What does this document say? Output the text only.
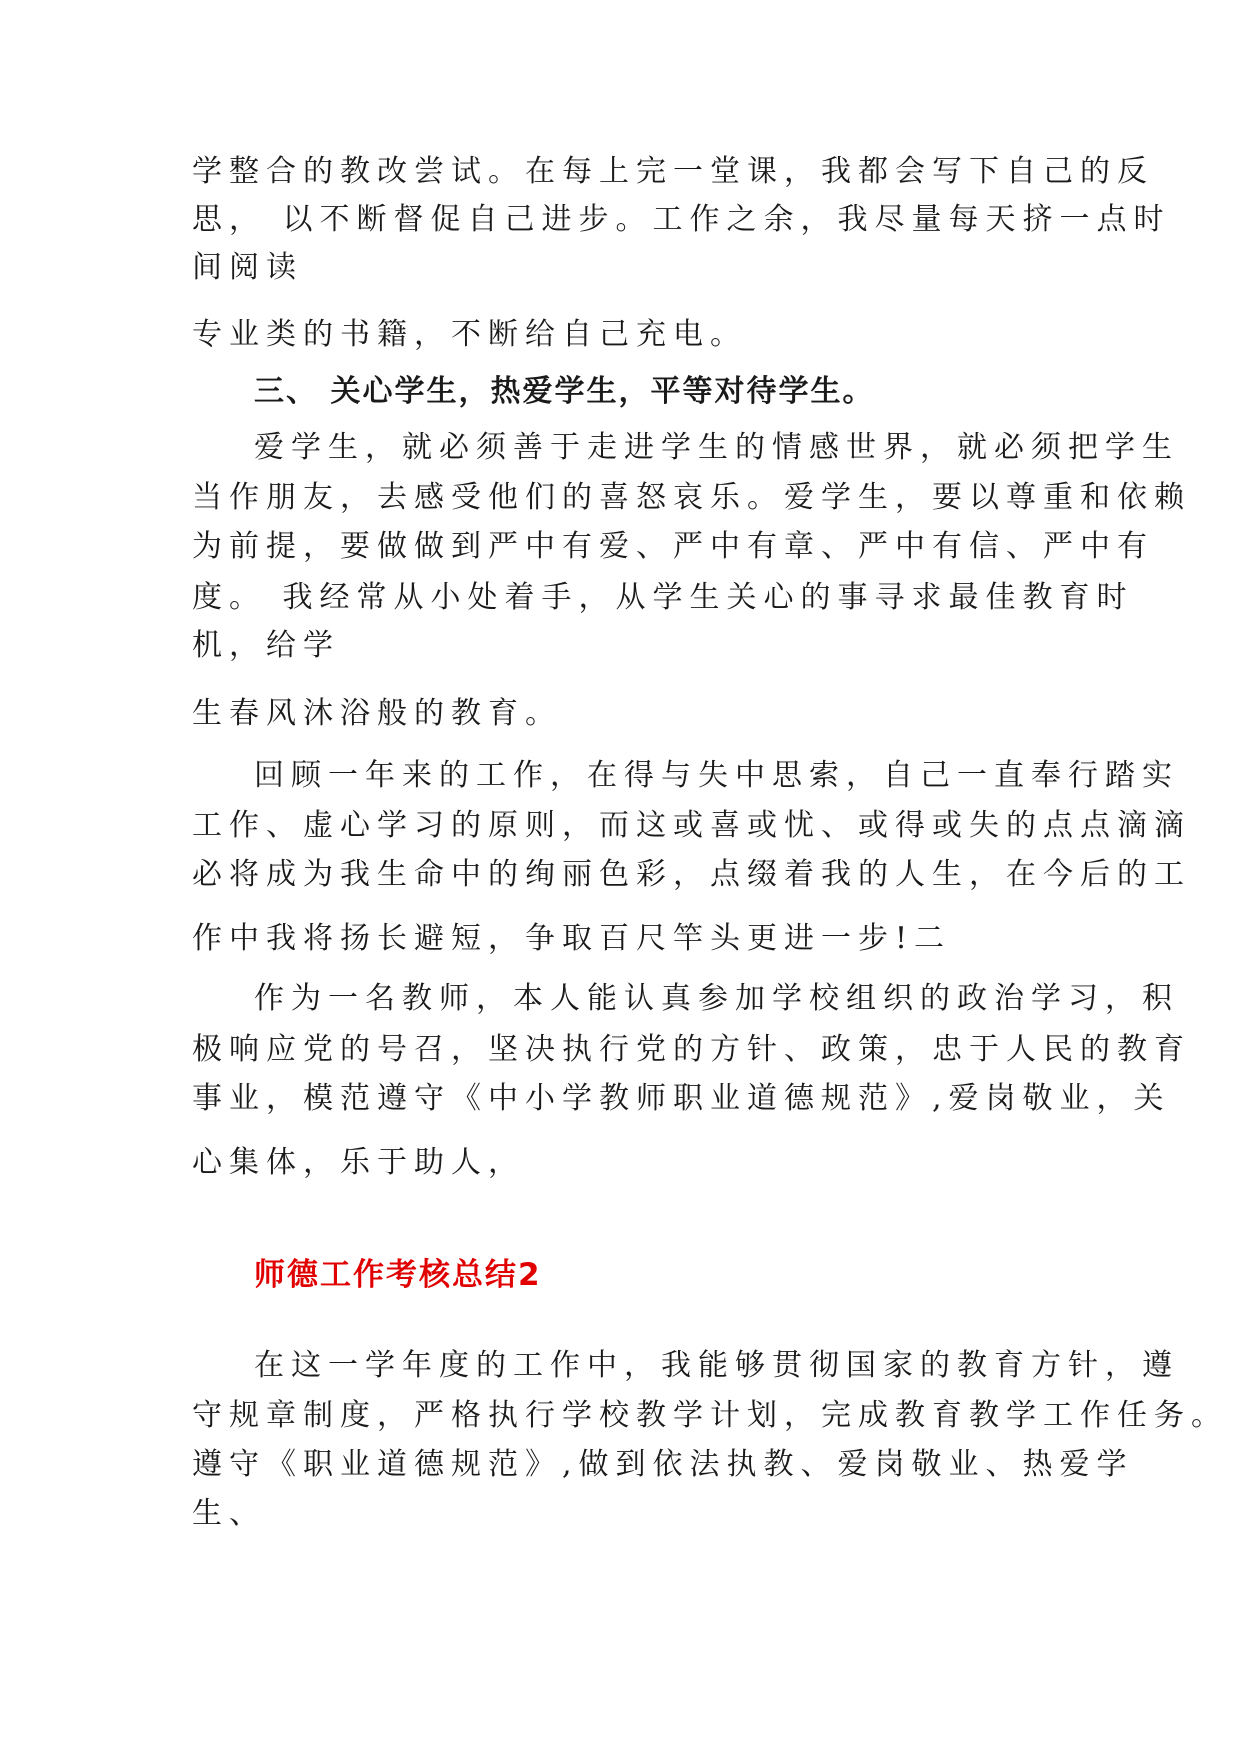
学整合的教改尝试。在每上完一堂课，我都会写下自己的反

思， 以不断督促自己进步。工作之余，我尽量每天挤一点时

间阅读

专业类的书籍，不断给自己充电。

三、 关心学生，热爱学生，平等对待学生。

爱学生，就必须善于走进学生的情感世界，就必须把学生

当作朋友，去感受他们的喜怒哀乐。爱学生，要以尊重和依赖

为前提，要做做到严中有爱、严中有章、严中有信、严中有

度。 我经常从小处着手，从学生关心的事寻求最佳教育时

机，给学

生春风沐浴般的教育。

回顾一年来的工作，在得与失中思索，自己一直奉行踏实

工作、虚心学习的原则，而这或喜或忧、或得或失的点点滴滴

必将成为我生命中的绚丽色彩，点缀着我的人生，在今后的工

作中我将扬长避短，争取百尺竿头更进一步!二

作为一名教师，本人能认真参加学校组织的政治学习，积

极响应党的号召，坚决执行党的方针、政策，忠于人民的教育

事业，模范遵守《中小学教师职业道德规范》,爱岗敬业，关

心集体，乐于助人，

师德工作考核总结2

在这一学年度的工作中，我能够贯彻国家的教育方针，遵

守规章制度，严格执行学校教学计划，完成教育教学工作任务。

遵守《职业道德规范》,做到依法执教、爱岗敬业、热爱学

生、
